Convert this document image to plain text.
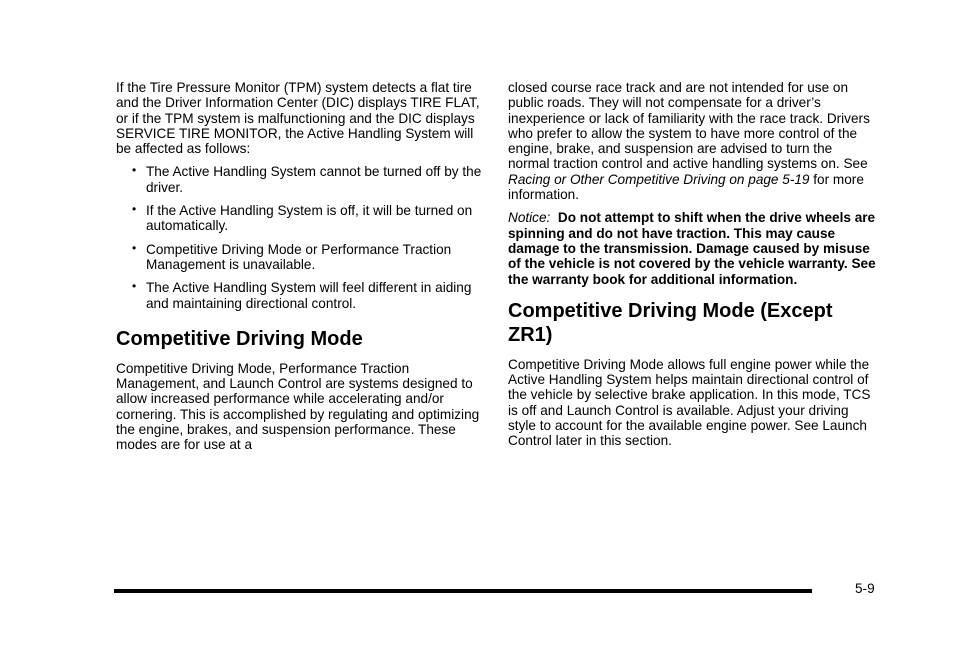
If the Tire Pressure Monitor (TPM) system detects a flat tire and the Driver Information Center (DIC) displays TIRE FLAT, or if the TPM system is malfunctioning and the DIC displays SERVICE TIRE MONITOR, the Active Handling System will be affected as follows:

• The Active Handling System cannot be turned off by the driver.
• If the Active Handling System is off, it will be turned on automatically.
• Competitive Driving Mode or Performance Traction Management is unavailable.
• The Active Handling System will feel different in aiding and maintaining directional control.
Competitive Driving Mode

Competitive Driving Mode, Performance Traction Management, and Launch Control are systems designed to allow increased performance while accelerating and/or cornering. This is accomplished by regulating and optimizing the engine, brakes, and suspension performance. These modes are for use at a

closed course race track and are not intended for use on public roads. They will not compensate for a driver’s inexperience or lack of familiarity with the race track. Drivers who prefer to allow the system to have more control of the engine, brake, and suspension are advised to turn the normal traction control and active handling systems on. See Racing or Other Competitive Driving on page 5-19 for more information.

Notice: Do not attempt to shift when the drive wheels are spinning and do not have traction. This may cause damage to the transmission. Damage caused by misuse of the vehicle is not covered by the vehicle warranty. See the warranty book for additional information.

Competitive Driving Mode (Except ZR1)

Competitive Driving Mode allows full engine power while the Active Handling System helps maintain directional control of the vehicle by selective brake application. In this mode, TCS is off and Launch Control is available. Adjust your driving style to account for the available engine power. See Launch Control later in this section.

5-9
